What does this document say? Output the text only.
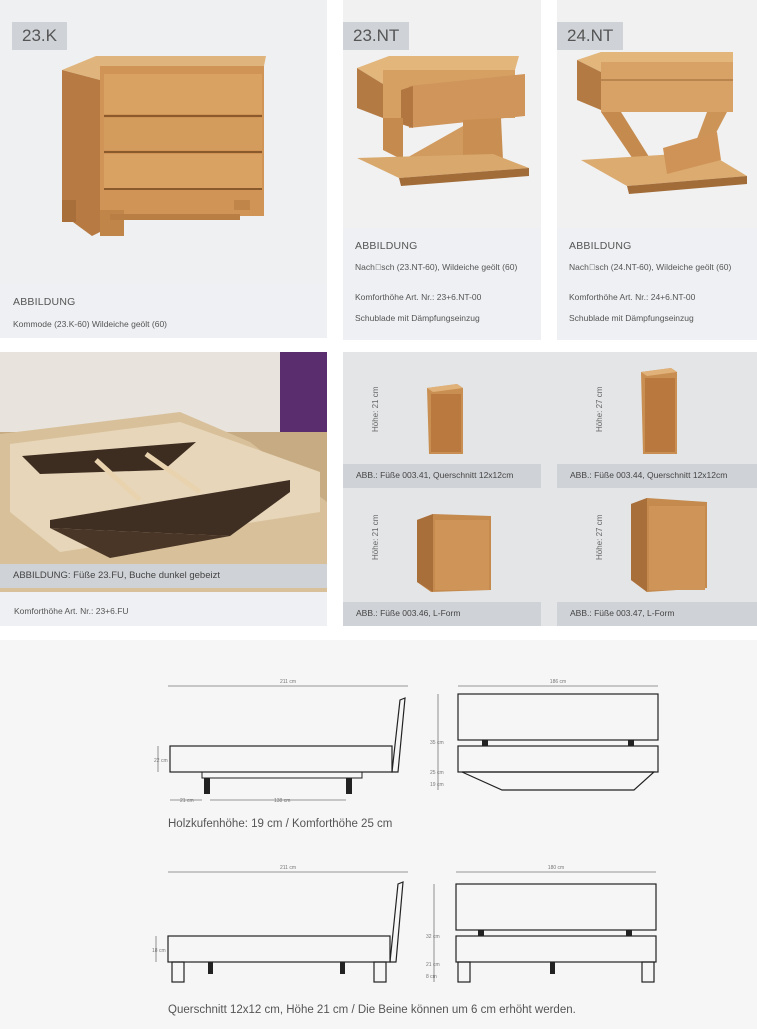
23.K
ABBILDUNG
Kommode (23.K-60) Wildeiche geölt (60)
23.NT
ABBILDUNG
Nach sch (23.NT-60), Wildeiche geölt (60)
Komforthöhe Art. Nr.: 23+6.NT-00
Schublade mit Dämpfungseinzug
24.NT
ABBILDUNG
Nach sch (24.NT-60), Wildeiche geölt (60)
Komforthöhe Art. Nr.: 24+6.NT-00
Schublade mit Dämpfungseinzug
ABBILDUNG: Füße 23.FU, Buche dunkel gebeizt
Komforthöhe Art. Nr.: 23+6.FU
Höhe: 21 cm
ABB.: Füße 003.41, Querschnitt 12x12cm
Höhe: 27 cm
ABB.: Füße 003.44, Querschnitt 12x12cm
Höhe: 21 cm
ABB.: Füße 003.46, L-Form
Höhe: 27 cm
ABB.: Füße 003.47, L-Form
211 cm
22 cm
21 cm	138 cm
186 cm
35 cm
25 cm
19 cm
Holzkufenhöhe: 19 cm / Komforthöhe 25 cm
211 cm
18 cm
180 cm
32 cm
21 cm
8 cm
Querschnitt 12x12 cm, Höhe 21 cm / Die Beine können um 6 cm erhöht werden.
